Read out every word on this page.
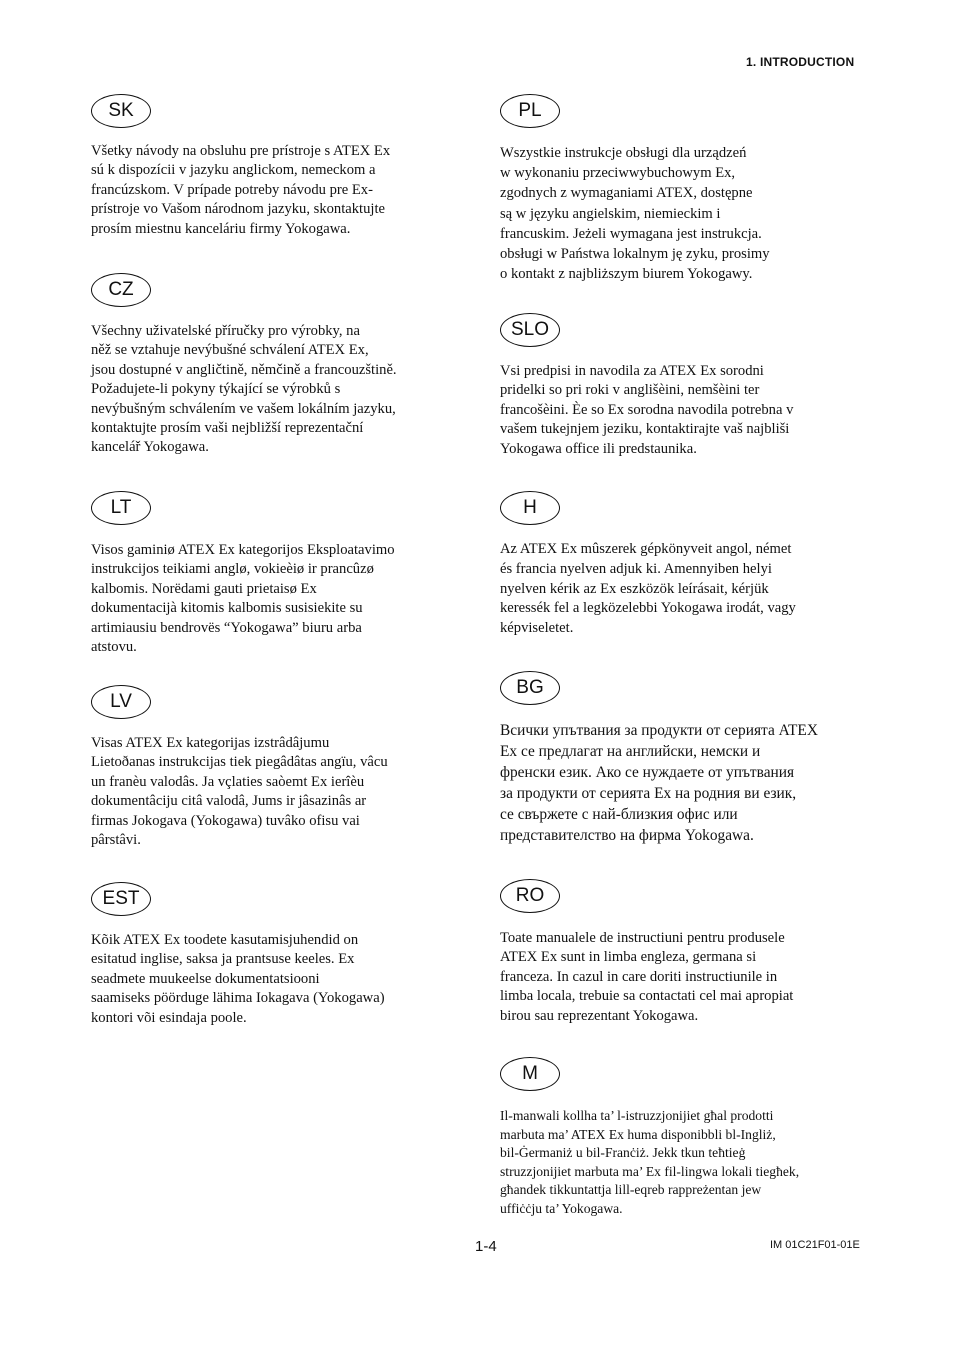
1. INTRODUCTION
SK
Všetky návody na obsluhu pre prístroje s ATEX Ex
sú k dispozícii v jazyku anglickom, nemeckom a
francúzskom. V prípade potreby návodu pre Ex-
prístroje vo Vašom národnom jazyku, skontaktujte
prosím miestnu kanceláriu firmy Yokogawa.
CZ
Všechny uživatelské příručky pro výrobky, na
něž se vztahuje nevýbušné schválení ATEX Ex,
jsou dostupné v angličtině, němčině a francouzštině.
Požadujete-li pokyny týkající se výrobků s
nevýbušným schválením ve vašem lokálním jazyku,
kontaktujte prosím vaši nejbližší reprezentační
kancelář Yokogawa.
LT
Visos gaminiø ATEX Ex kategorijos Eksploatavimo
instrukcijos teikiami anglø, vokieèiø ir prancûzø
kalbomis. Norëdami gauti prietaisø Ex
dokumentacijà kitomis kalbomis susisiekite su
artimiausiu bendrovës “Yokogawa” biuru arba
atstovu.
LV
Visas ATEX Ex kategorijas izstrâdâjumu
Lietoðanas instrukcijas tiek piegâdâtas angïu, vâcu
un franèu valodâs. Ja vçlaties saòemt Ex ierîèu
dokumentâciju citâ valodâ, Jums ir jâsazinâs ar
firmas Jokogava (Yokogawa) tuvâko ofisu vai
pârstâvi.
EST
Kõik ATEX Ex toodete kasutamisjuhendid on
esitatud inglise, saksa ja prantsuse keeles. Ex
seadmete muukeelse dokumentatsiooni
saamiseks pöörduge lähima Iokagava (Yokogawa)
kontori või esindaja poole.
PL
Wszystkie instrukcje obsługi dla urządzeń
w wykonaniu przeciwwybuchowym Ex,
zgodnych z wymaganiami ATEX, dostępne
są w języku angielskim, niemieckim i
francuskim. Jeżeli wymagana jest instrukcja.
obsługi w Państwa lokalnym ję zyku, prosimy
o kontakt z najbliższym biurem Yokogawy.
SLO
Vsi predpisi in navodila za ATEX Ex sorodni
pridelki so pri roki v anglišèini, nemšèini ter
francošèini. Èe so Ex sorodna navodila potrebna v
vašem tukejnjem jeziku, kontaktirajte vaš najbliši
Yokogawa office ili predstaunika.
H
Az ATEX Ex mûszerek gépkönyveit angol, német
és francia nyelven adjuk ki. Amennyiben helyi
nyelven kérik az Ex eszközök leírásait, kérjük
keressék fel a legközelebbi Yokogawa irodát, vagy
képviseletet.
BG
Всички упътвания за продукти от серията ATEX
Ex се предлагат на английски, немски и
френски език. Ако се нуждаете от упътвания
за продукти от серията Ex на родния ви език,
се свържете с най-близкия офис или
представителство на фирма Yokogawa.
RO
Toate manualele de instructiuni pentru produsele
ATEX Ex sunt in limba engleza, germana si
franceza. In cazul in care doriti instructiunile in
limba locala, trebuie sa contactati cel mai apropiat
birou sau reprezentant Yokogawa.
M
Il-manwali kollha ta’ l-istruzzjonijiet għal prodotti
marbuta ma’ ATEX Ex huma disponibbli bl-Ingliż,
bil-Ġermaniż u bil-Franċiż. Jekk tkun teħtieġ
struzzjonijiet marbuta ma’ Ex fil-lingwa lokali tiegħek,
għandek tikkuntattja lill-eqreb rappreżentan jew
uffiċċju ta’ Yokogawa.
1-4	IM 01C21F01-01E
